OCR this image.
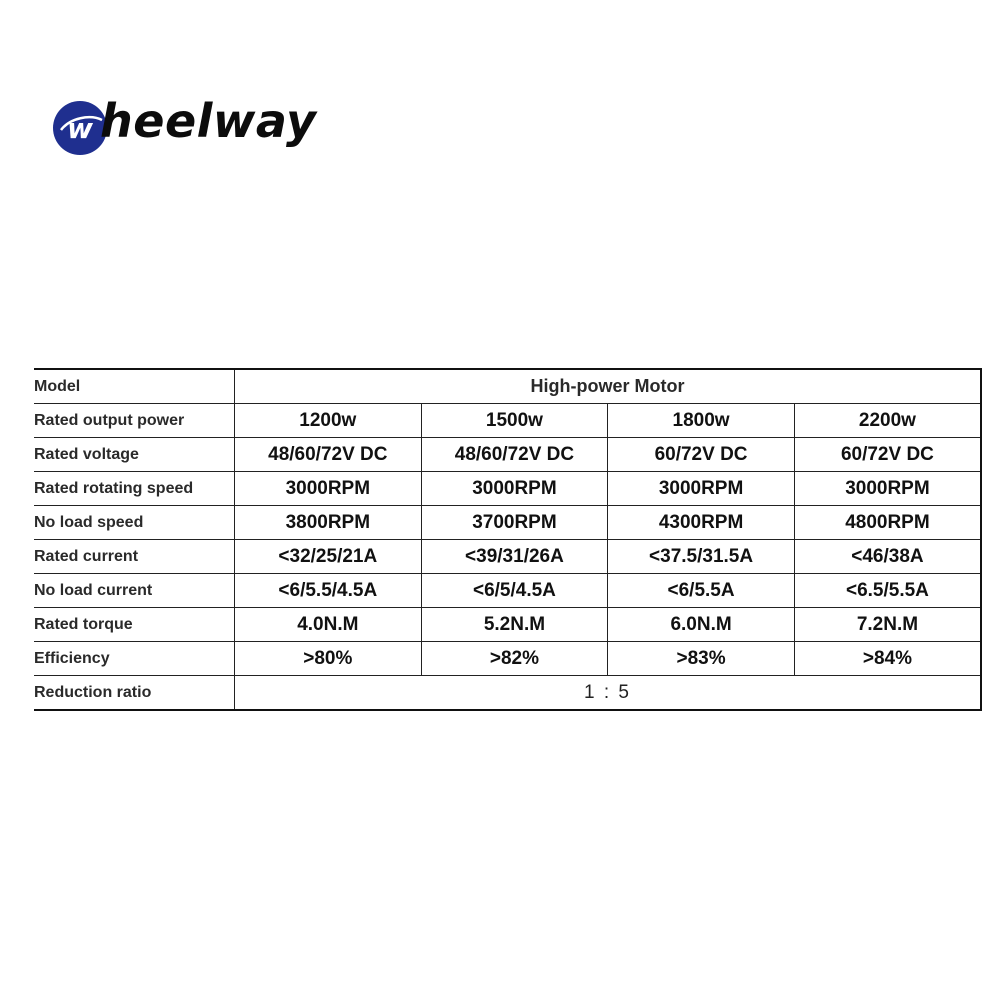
w heelway
Model	High-power Motor			
Rated output power	1200w	1500w	1800w	2200w
Rated voltage	48/60/72V DC	48/60/72V DC	60/72V DC	60/72V DC
Rated rotating speed	3000RPM	3000RPM	3000RPM	3000RPM
No load speed	3800RPM	3700RPM	4300RPM	4800RPM
Rated current	<32/25/21A	<39/31/26A	<37.5/31.5A	<46/38A
No load current	<6/5.5/4.5A	<6/5/4.5A	<6/5.5A	<6.5/5.5A
Rated torque	4.0N.M	5.2N.M	6.0N.M	7.2N.M
Efficiency	>80%	>82%	>83%	>84%
Reduction ratio	1 : 5			
